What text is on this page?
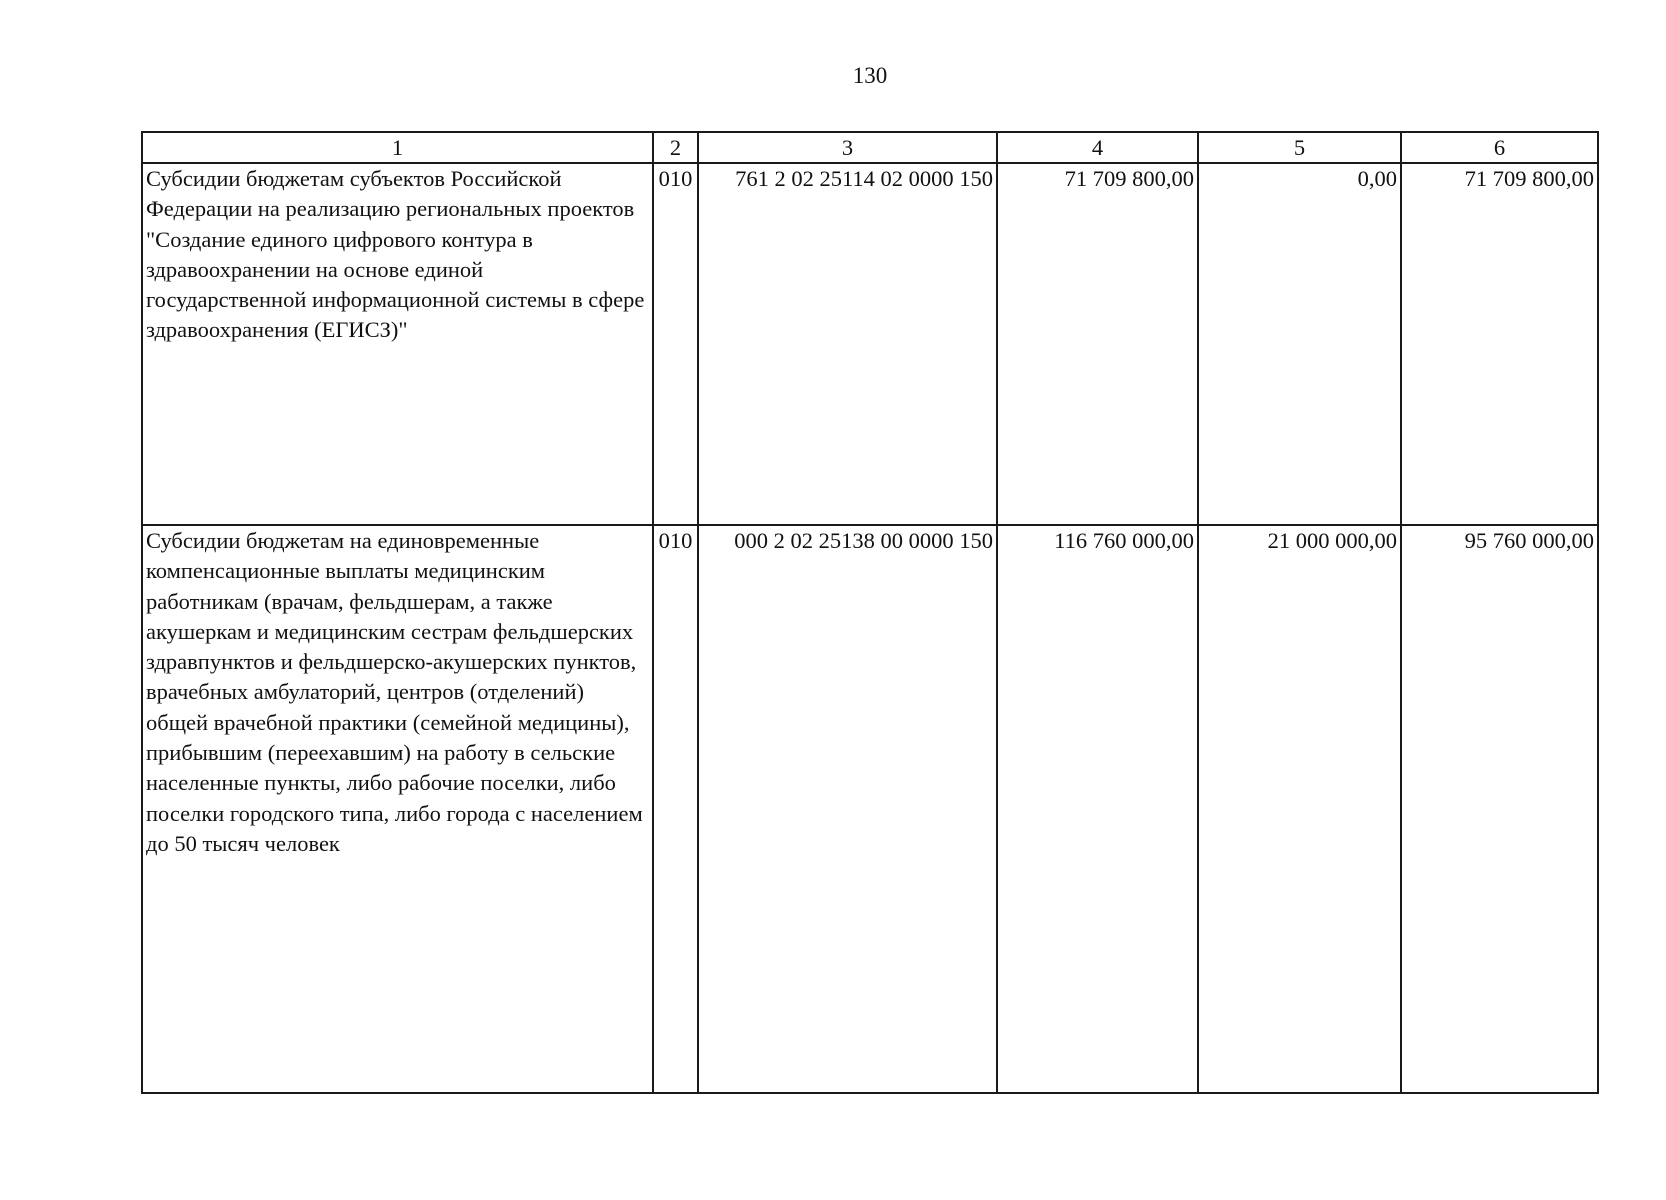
130
1	2	3	4	5	6
Субсидии бюджетам субъектов Российской Федерации на реализацию региональных проектов "Создание единого цифрового контура в здравоохранении на основе единой государственной информационной системы в сфере здравоохранения (ЕГИСЗ)"	010	761 2 02 25114 02 0000 150	71 709 800,00	0,00	71 709 800,00
Субсидии бюджетам на единовременные компенсационные выплаты медицинским работникам (врачам, фельдшерам, а также акушеркам и медицинским сестрам фельдшерских здравпунктов и фельдшерско-акушерских пунктов, врачебных амбулаторий, центров (отделений) общей врачебной практики (семейной медицины), прибывшим (переехавшим) на работу в сельские населенные пункты, либо рабочие поселки, либо поселки городского типа, либо города с населением до 50 тысяч человек	010	000 2 02 25138 00 0000 150	116 760 000,00	21 000 000,00	95 760 000,00
